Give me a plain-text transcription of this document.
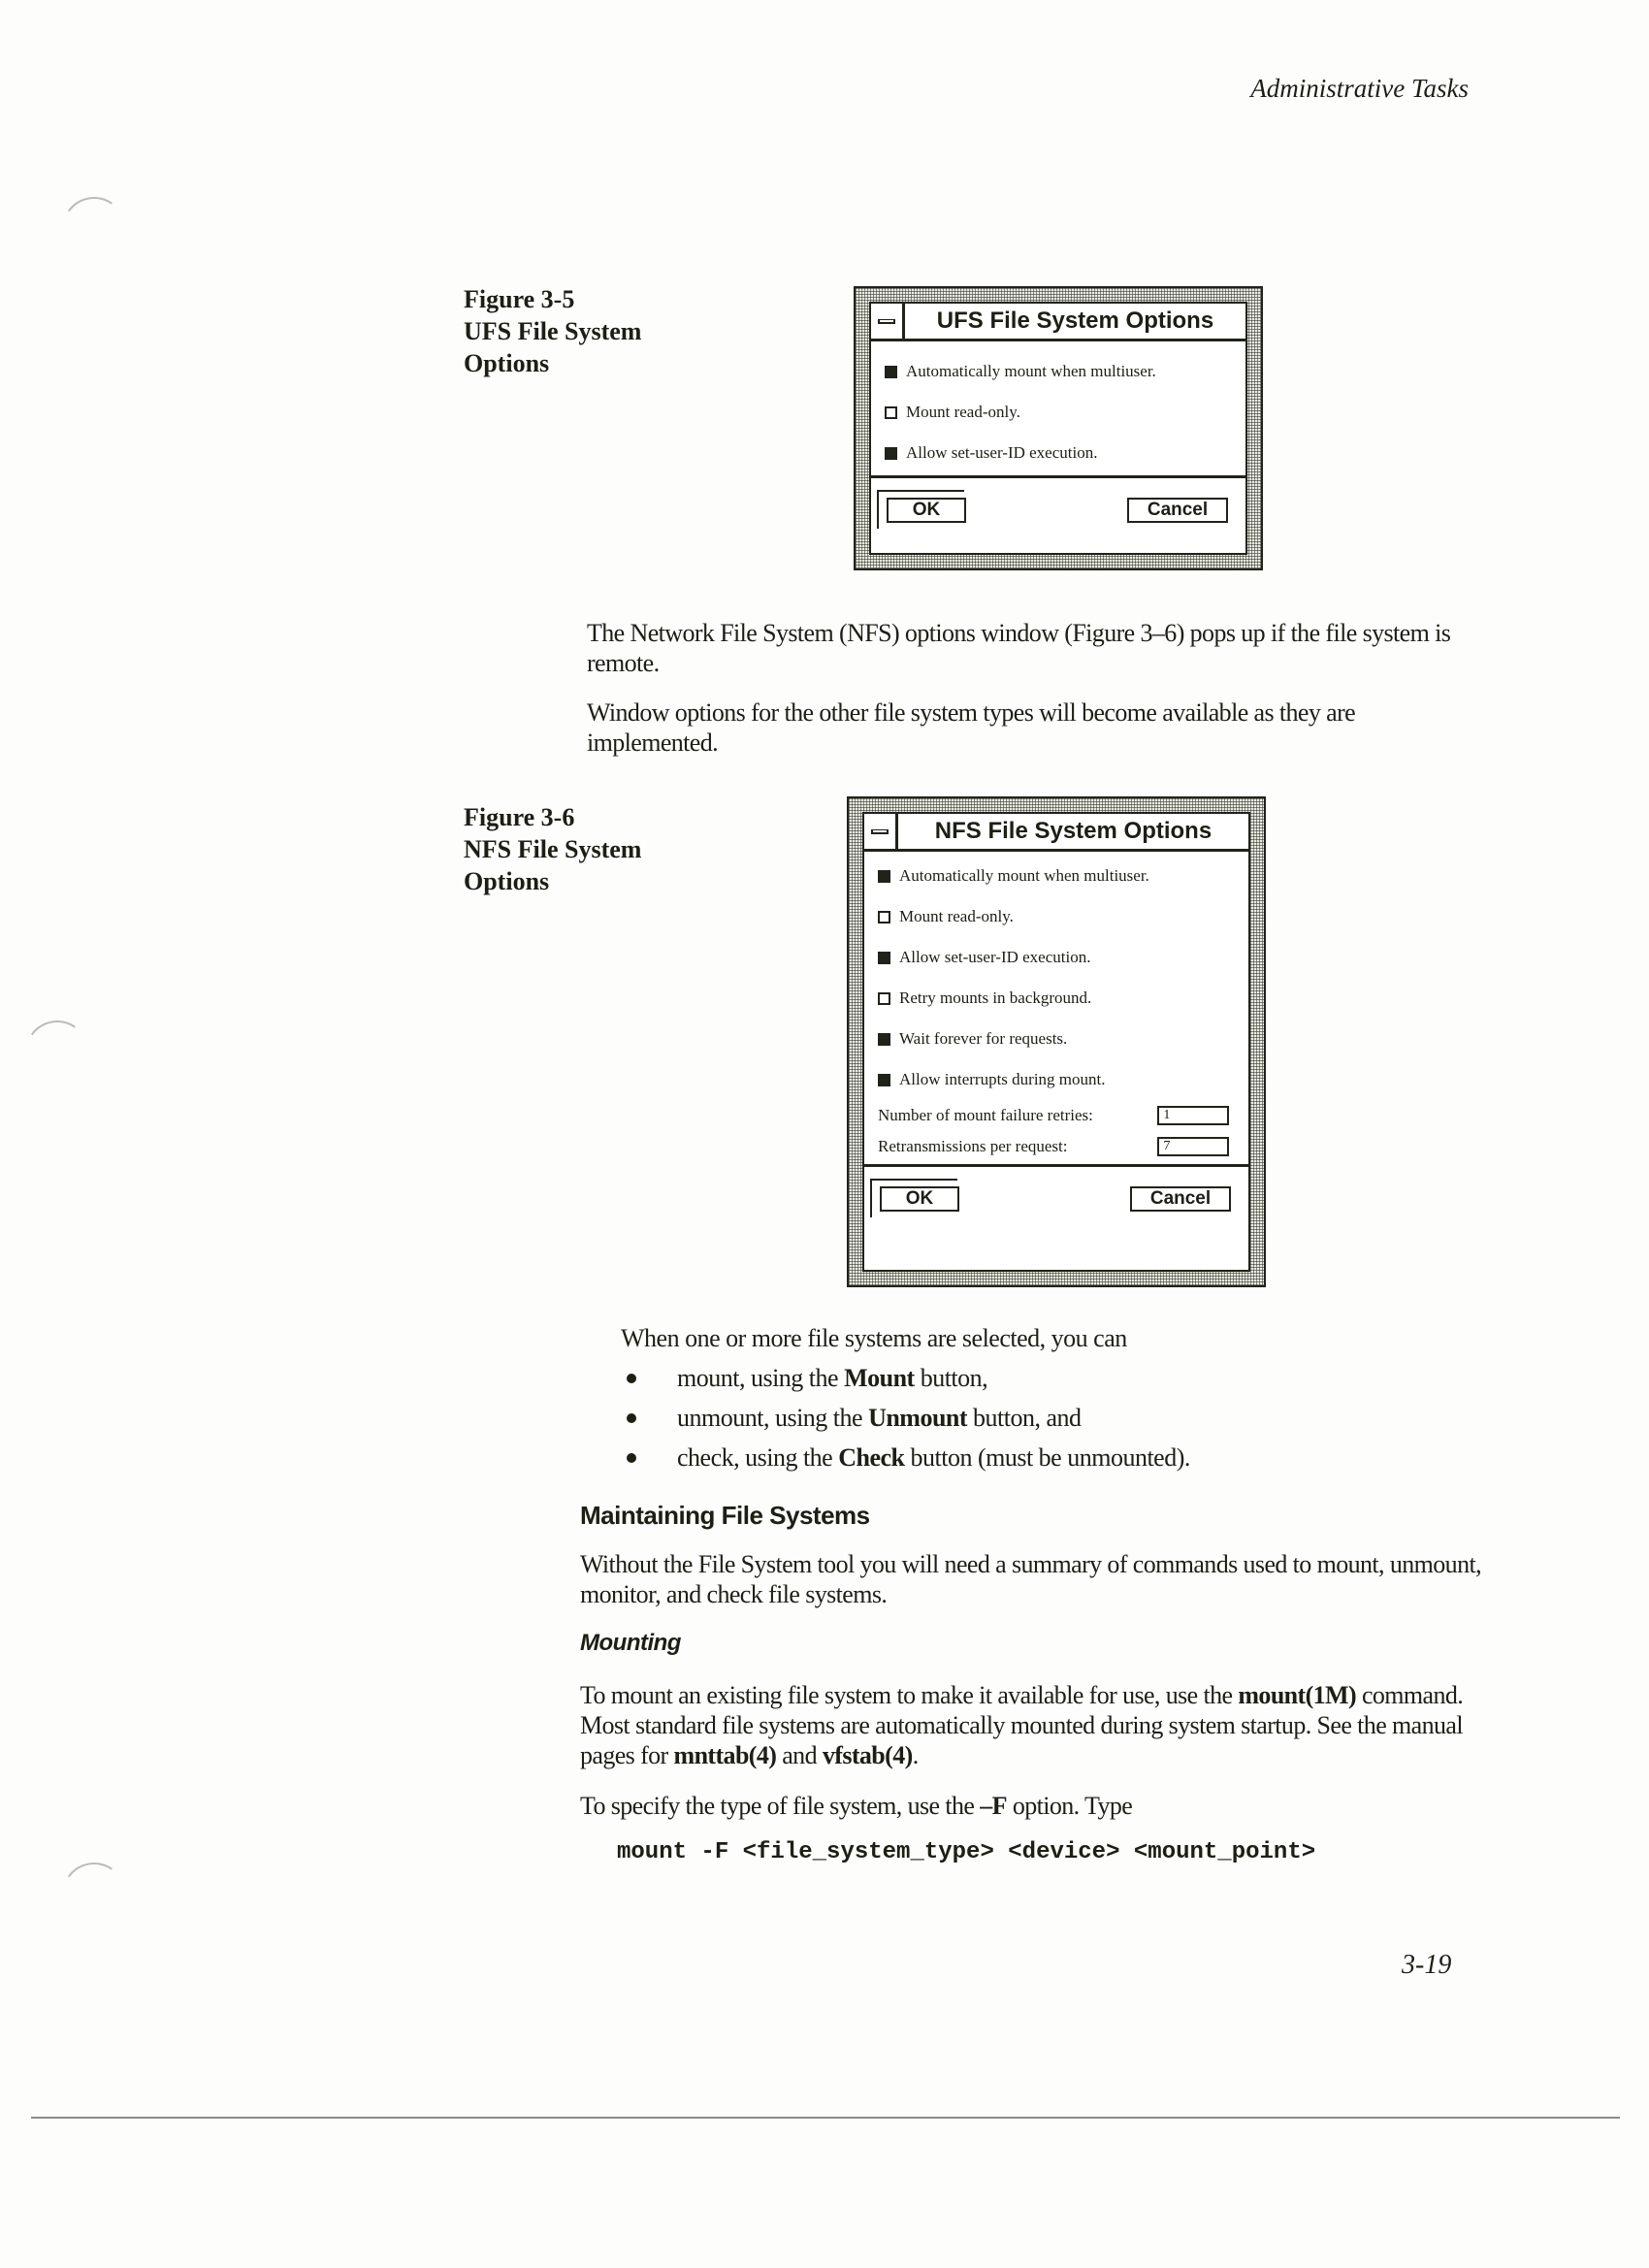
Administrative Tasks
Figure 3-5
UFS File System
Options
UFS File System Options
Automatically mount when multiuser.
Mount read-only.
Allow set-user-ID execution.
OK	Cancel
The Network File System (NFS) options window (Figure 3–6) pops up if the file system is remote.
Window options for the other file system types will become available as they are implemented.
Figure 3-6
NFS File System
Options
NFS File System Options
Automatically mount when multiuser.
Mount read-only.
Allow set-user-ID execution.
Retry mounts in background.
Wait forever for requests.
Allow interrupts during mount.
Number of mount failure retries:	1
Retransmissions per request:	7
OK	Cancel
When one or more file systems are selected, you can
mount, using the Mount button,
unmount, using the Unmount button, and
check, using the Check button (must be unmounted).
Maintaining File Systems
Without the File System tool you will need a summary of commands used to mount, unmount, monitor, and check file systems.
Mounting
To mount an existing file system to make it available for use, use the mount(1M) command. Most standard file systems are automatically mounted during system startup. See the manual pages for mnttab(4) and vfstab(4).
To specify the type of file system, use the –F option. Type
mount -F <file_system_type> <device> <mount_point>
3-19
